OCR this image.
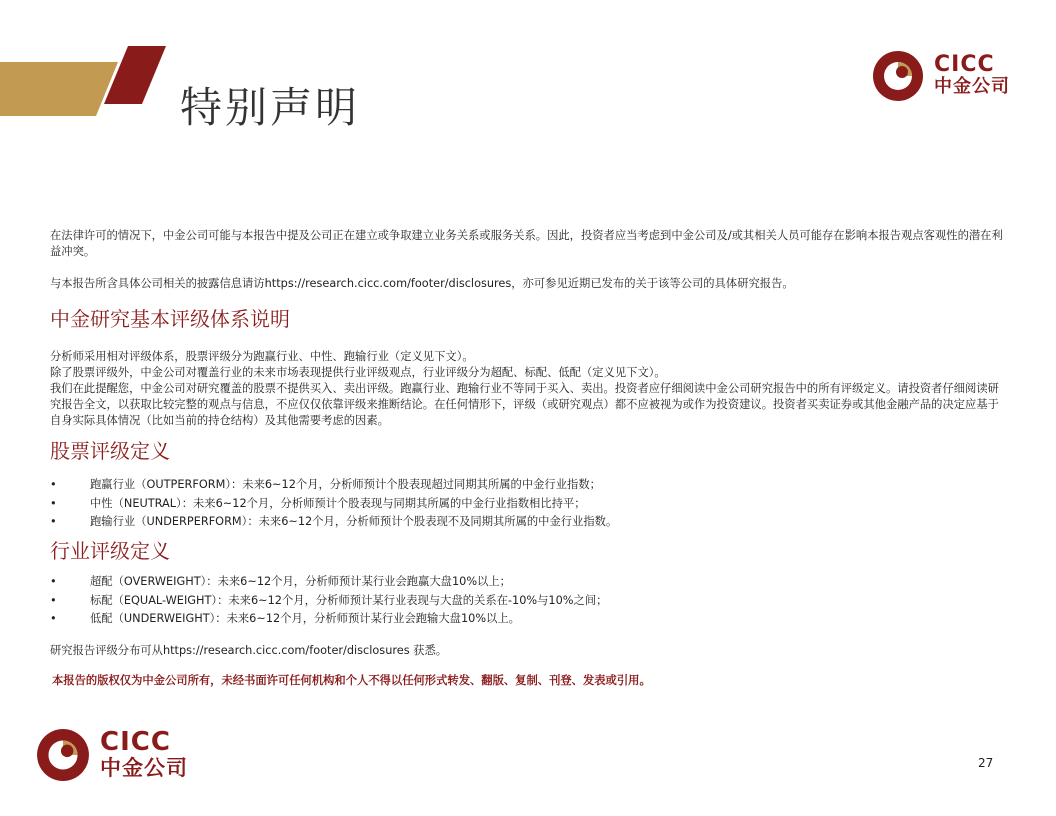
特别声明
CICC
中金公司

在法律许可的情况下，中金公司可能与本报告中提及公司正在建立或争取建立业务关系或服务关系。因此，投资者应当考虑到中金公司及/或其相关人员可能存在影响本报告观点客观性的潜在利益冲突。

与本报告所含具体公司相关的披露信息请访https://research.cicc.com/footer/disclosures，亦可参见近期已发布的关于该等公司的具体研究报告。

中金研究基本评级体系说明

分析师采用相对评级体系，股票评级分为跑赢行业、中性、跑输行业（定义见下文）。

除了股票评级外，中金公司对覆盖行业的未来市场表现提供行业评级观点，行业评级分为超配、标配、低配（定义见下文）。

我们在此提醒您，中金公司对研究覆盖的股票不提供买入、卖出评级。跑赢行业、跑输行业不等同于买入、卖出。投资者应仔细阅读中金公司研究报告中的所有评级定义。请投资者仔细阅读研究报告全文，以获取比较完整的观点与信息，不应仅仅依靠评级来推断结论。在任何情形下，评级（或研究观点）都不应被视为或作为投资建议。投资者买卖证券或其他金融产品的决定应基于自身实际具体情况（比如当前的持仓结构）及其他需要考虑的因素。

股票评级定义
•	跑赢行业（OUTPERFORM）：未来6~12个月，分析师预计个股表现超过同期其所属的中金行业指数；
•	中性（NEUTRAL）：未来6~12个月，分析师预计个股表现与同期其所属的中金行业指数相比持平；
•	跑输行业（UNDERPERFORM）：未来6~12个月，分析师预计个股表现不及同期其所属的中金行业指数。
行业评级定义
•	超配（OVERWEIGHT）：未来6~12个月，分析师预计某行业会跑赢大盘10%以上；
•	标配（EQUAL-WEIGHT）：未来6~12个月，分析师预计某行业表现与大盘的关系在-10%与10%之间；
•	低配（UNDERWEIGHT）：未来6~12个月，分析师预计某行业会跑输大盘10%以上。
研究报告评级分布可从https://research.cicc.com/footer/disclosures 获悉。
本报告的版权仅为中金公司所有，未经书面许可任何机构和个人不得以任何形式转发、翻版、复制、刊登、发表或引用。
CICC
中金公司	27
